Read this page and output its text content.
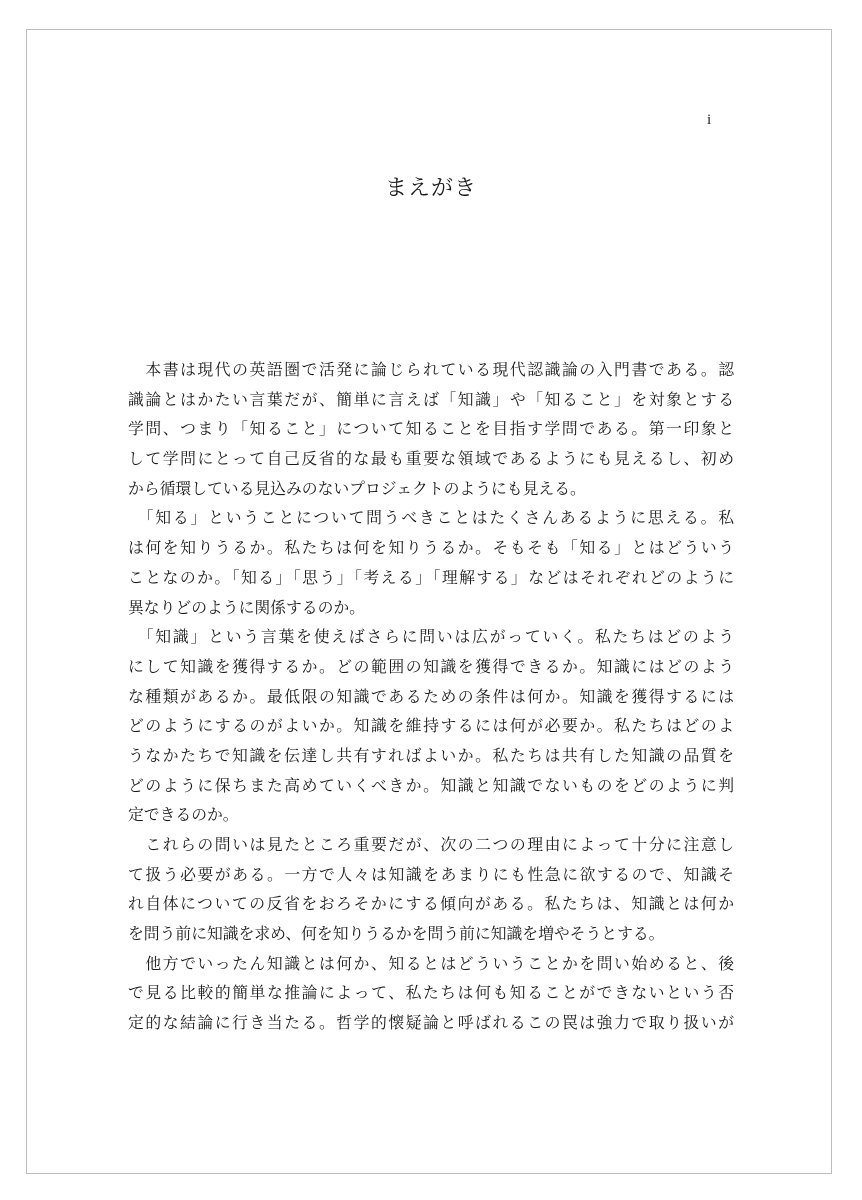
i
まえがき
　本書は現代の英語圏で活発に論じられている現代認識論の入門書である。認
識論とはかたい言葉だが、簡単に言えば「知識」や「知ること」を対象とする
学問、つまり「知ること」について知ることを目指す学問である。第一印象と
して学問にとって自己反省的な最も重要な領域であるようにも見えるし、初め
から循環している見込みのないプロジェクトのようにも見える。
　「知る」ということについて問うべきことはたくさんあるように思える。私
は何を知りうるか。私たちは何を知りうるか。そもそも「知る」とはどういう
ことなのか。「知る」「思う」「考える」「理解する」などはそれぞれどのように
異なりどのように関係するのか。
　「知識」という言葉を使えばさらに問いは広がっていく。私たちはどのよう
にして知識を獲得するか。どの範囲の知識を獲得できるか。知識にはどのよう
な種類があるか。最低限の知識であるための条件は何か。知識を獲得するには
どのようにするのがよいか。知識を維持するには何が必要か。私たちはどのよ
うなかたちで知識を伝達し共有すればよいか。私たちは共有した知識の品質を
どのように保ちまた高めていくべきか。知識と知識でないものをどのように判
定できるのか。
　これらの問いは見たところ重要だが、次の二つの理由によって十分に注意し
て扱う必要がある。一方で人々は知識をあまりにも性急に欲するので、知識そ
れ自体についての反省をおろそかにする傾向がある。私たちは、知識とは何か
を問う前に知識を求め、何を知りうるかを問う前に知識を増やそうとする。
　他方でいったん知識とは何か、知るとはどういうことかを問い始めると、後
で見る比較的簡単な推論によって、私たちは何も知ることができないという否
定的な結論に行き当たる。哲学的懐疑論と呼ばれるこの罠は強力で取り扱いが
